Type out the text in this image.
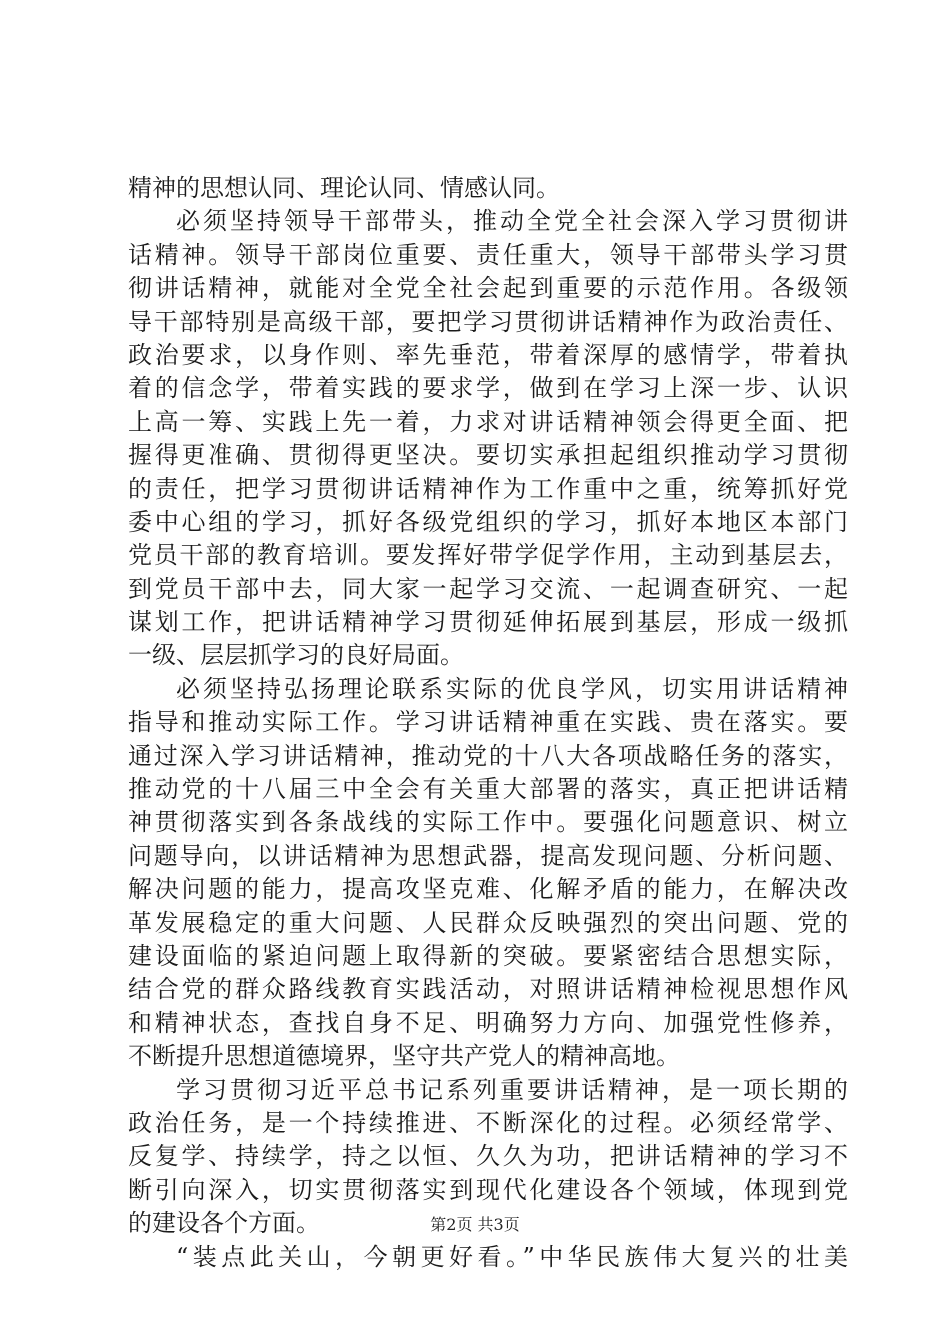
精神的思想认同、理论认同、情感认同。
必须坚持领导干部带头，推动全党全社会深入学习贯彻讲
话精神。领导干部岗位重要、责任重大，领导干部带头学习贯
彻讲话精神，就能对全党全社会起到重要的示范作用。各级领
导干部特别是高级干部，要把学习贯彻讲话精神作为政治责任、
政治要求，以身作则、率先垂范，带着深厚的感情学，带着执
着的信念学，带着实践的要求学，做到在学习上深一步、认识
上高一筹、实践上先一着，力求对讲话精神领会得更全面、把
握得更准确、贯彻得更坚决。要切实承担起组织推动学习贯彻
的责任，把学习贯彻讲话精神作为工作重中之重，统筹抓好党
委中心组的学习，抓好各级党组织的学习，抓好本地区本部门
党员干部的教育培训。要发挥好带学促学作用，主动到基层去，
到党员干部中去，同大家一起学习交流、一起调查研究、一起
谋划工作，把讲话精神学习贯彻延伸拓展到基层，形成一级抓
一级、层层抓学习的良好局面。
必须坚持弘扬理论联系实际的优良学风，切实用讲话精神
指导和推动实际工作。学习讲话精神重在实践、贵在落实。要
通过深入学习讲话精神，推动党的十八大各项战略任务的落实，
推动党的十八届三中全会有关重大部署的落实，真正把讲话精
神贯彻落实到各条战线的实际工作中。要强化问题意识、树立
问题导向，以讲话精神为思想武器，提高发现问题、分析问题、
解决问题的能力，提高攻坚克难、化解矛盾的能力，在解决改
革发展稳定的重大问题、人民群众反映强烈的突出问题、党的
建设面临的紧迫问题上取得新的突破。要紧密结合思想实际，
结合党的群众路线教育实践活动，对照讲话精神检视思想作风
和精神状态，查找自身不足、明确努力方向、加强党性修养，
不断提升思想道德境界，坚守共产党人的精神高地。
学习贯彻习近平总书记系列重要讲话精神，是一项长期的
政治任务，是一个持续推进、不断深化的过程。必须经常学、
反复学、持续学，持之以恒、久久为功，把讲话精神的学习不
断引向深入，切实贯彻落实到现代化建设各个领域，体现到党
的建设各个方面。
“装点此关山，今朝更好看。”中华民族伟大复兴的壮美
第2页 共3页
